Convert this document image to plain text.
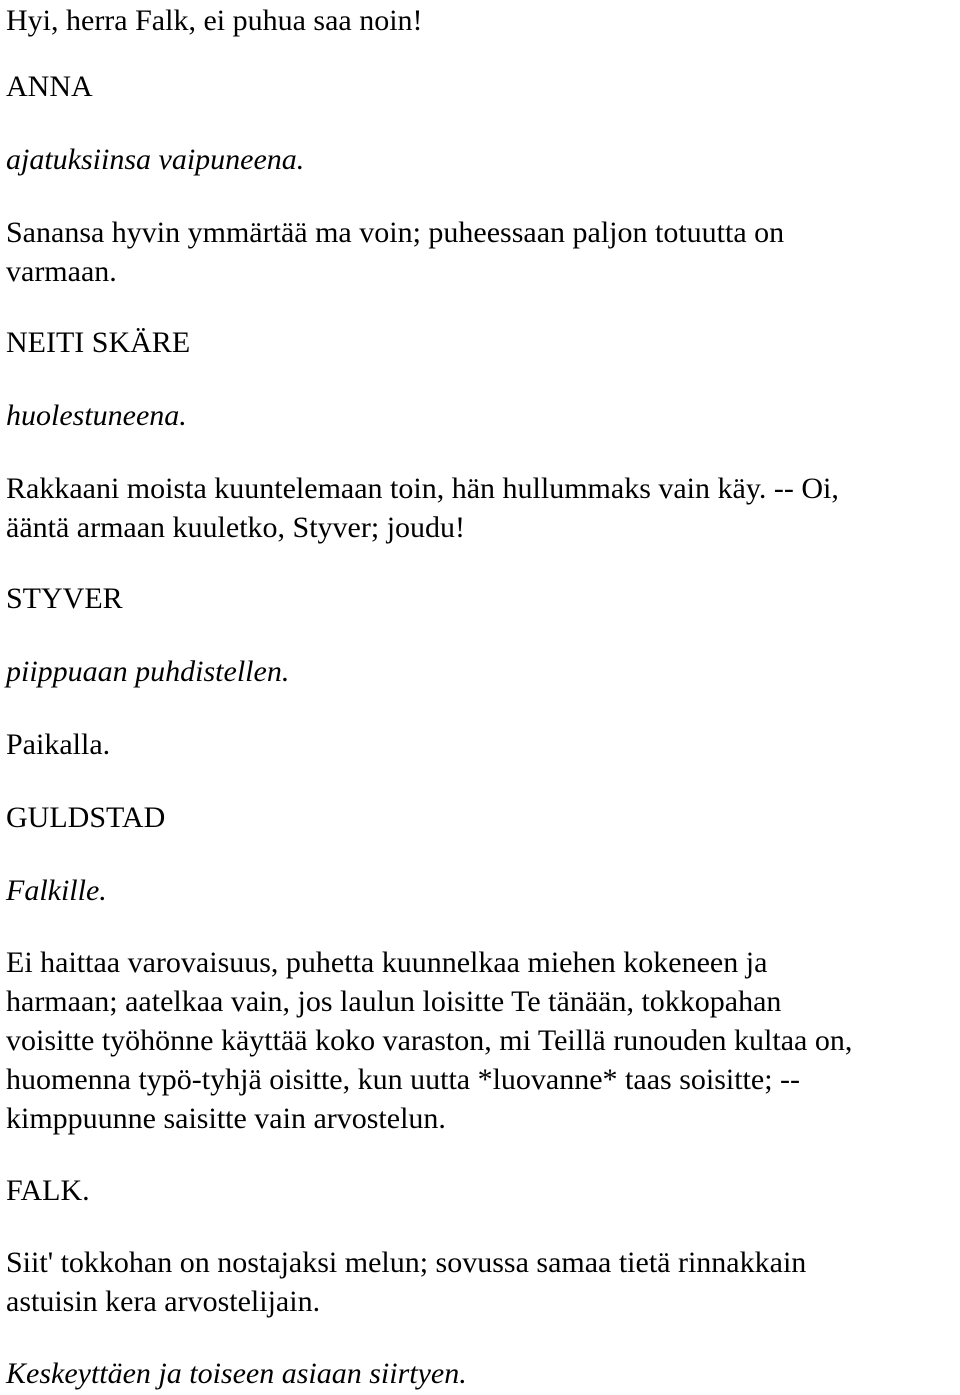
Hyi, herra Falk, ei puhua saa noin!

ANNA

ajatuksiinsa vaipuneena.

Sanansa hyvin ymmärtää ma voin; puheessaan paljon totuutta on
varmaan.

NEITI SKÄRE

huolestuneena.

Rakkaani moista kuuntelemaan toin, hän hullummaks vain käy. -- Oi,
ääntä armaan kuuletko, Styver; joudu!

STYVER

piippuaan puhdistellen.

Paikalla.

GULDSTAD

Falkille.

Ei haittaa varovaisuus, puhetta kuunnelkaa miehen kokeneen ja
harmaan; aatelkaa vain, jos laulun loisitte Te tänään, tokkopahan
voisitte työhönne käyttää koko varaston, mi Teillä runouden kultaa on,
huomenna typö-tyhjä oisitte, kun uutta *luovanne* taas soisitte; --
kimppuunne saisitte vain arvostelun.

FALK.

Siit' tokkohan on nostajaksi melun; sovussa samaa tietä rinnakkain
astuisin kera arvostelijain.

Keskeyttäen ja toiseen asiaan siirtyen.
